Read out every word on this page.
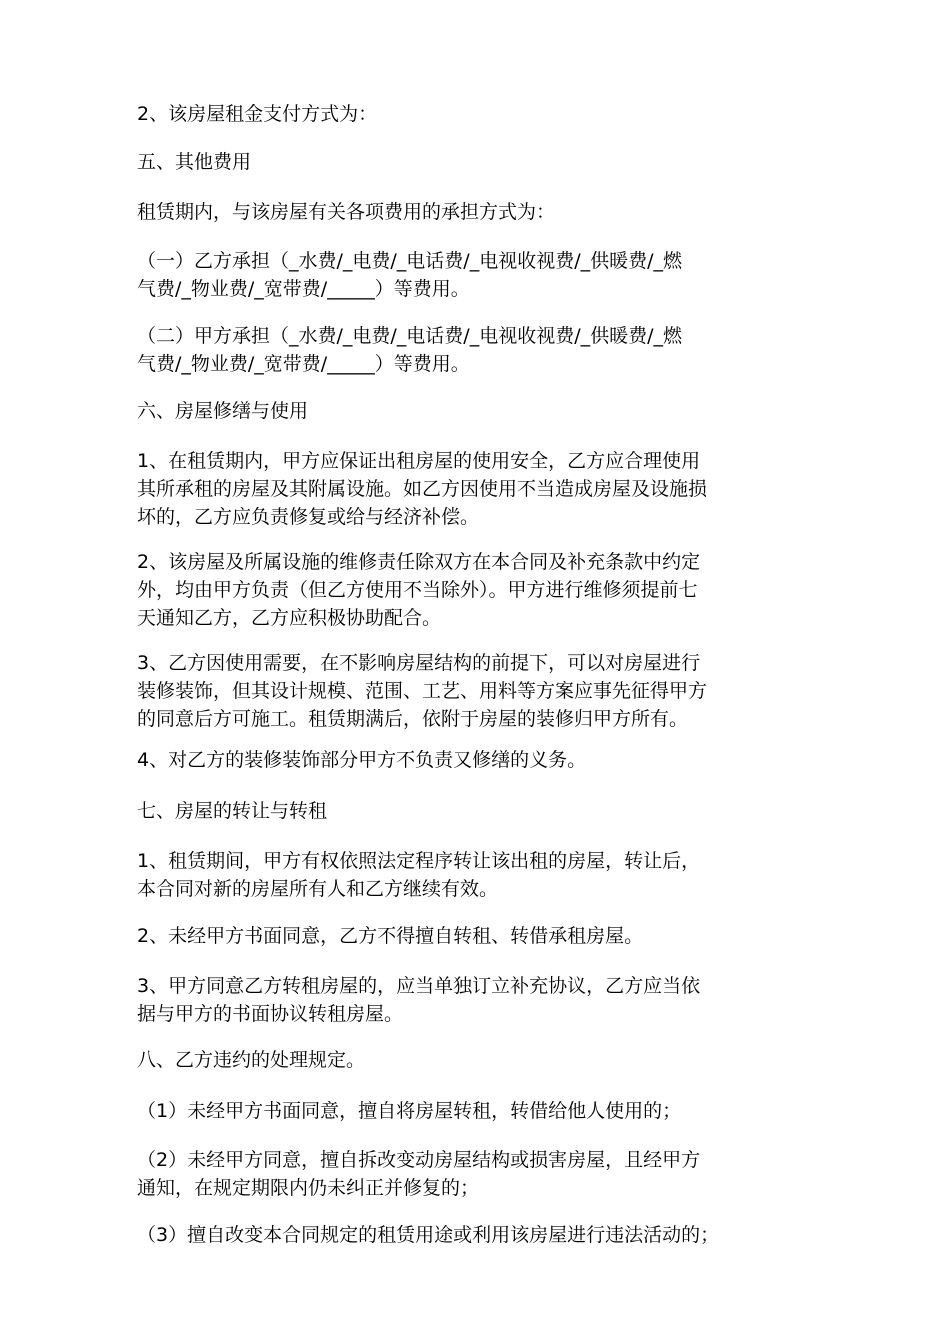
2、该房屋租金支付方式为：

五、其他费用

租赁期内，与该房屋有关各项费用的承担方式为：

（一）乙方承担（_水费/_电费/_电话费/_电视收视费/_供暖费/_燃
气费/_物业费/_宽带费/_____）等费用。

（二）甲方承担（_水费/_电费/_电话费/_电视收视费/_供暖费/_燃
气费/_物业费/_宽带费/_____）等费用。

六、房屋修缮与使用

1、在租赁期内，甲方应保证出租房屋的使用安全，乙方应合理使用
其所承租的房屋及其附属设施。如乙方因使用不当造成房屋及设施损
坏的，乙方应负责修复或给与经济补偿。

2、该房屋及所属设施的维修责任除双方在本合同及补充条款中约定
外，均由甲方负责（但乙方使用不当除外）。甲方进行维修须提前七
天通知乙方，乙方应积极协助配合。

3、乙方因使用需要，在不影响房屋结构的前提下，可以对房屋进行
装修装饰，但其设计规模、范围、工艺、用料等方案应事先征得甲方
的同意后方可施工。租赁期满后，依附于房屋的装修归甲方所有。

4、对乙方的装修装饰部分甲方不负责又修缮的义务。

七、房屋的转让与转租

1、租赁期间，甲方有权依照法定程序转让该出租的房屋，转让后，
本合同对新的房屋所有人和乙方继续有效。

2、未经甲方书面同意，乙方不得擅自转租、转借承租房屋。

3、甲方同意乙方转租房屋的，应当单独订立补充协议，乙方应当依
据与甲方的书面协议转租房屋。

八、乙方违约的处理规定。

（1）未经甲方书面同意，擅自将房屋转租，转借给他人使用的；

（2）未经甲方同意，擅自拆改变动房屋结构或损害房屋，且经甲方
通知，在规定期限内仍未纠正并修复的；

（3）擅自改变本合同规定的租赁用途或利用该房屋进行违法活动的；
